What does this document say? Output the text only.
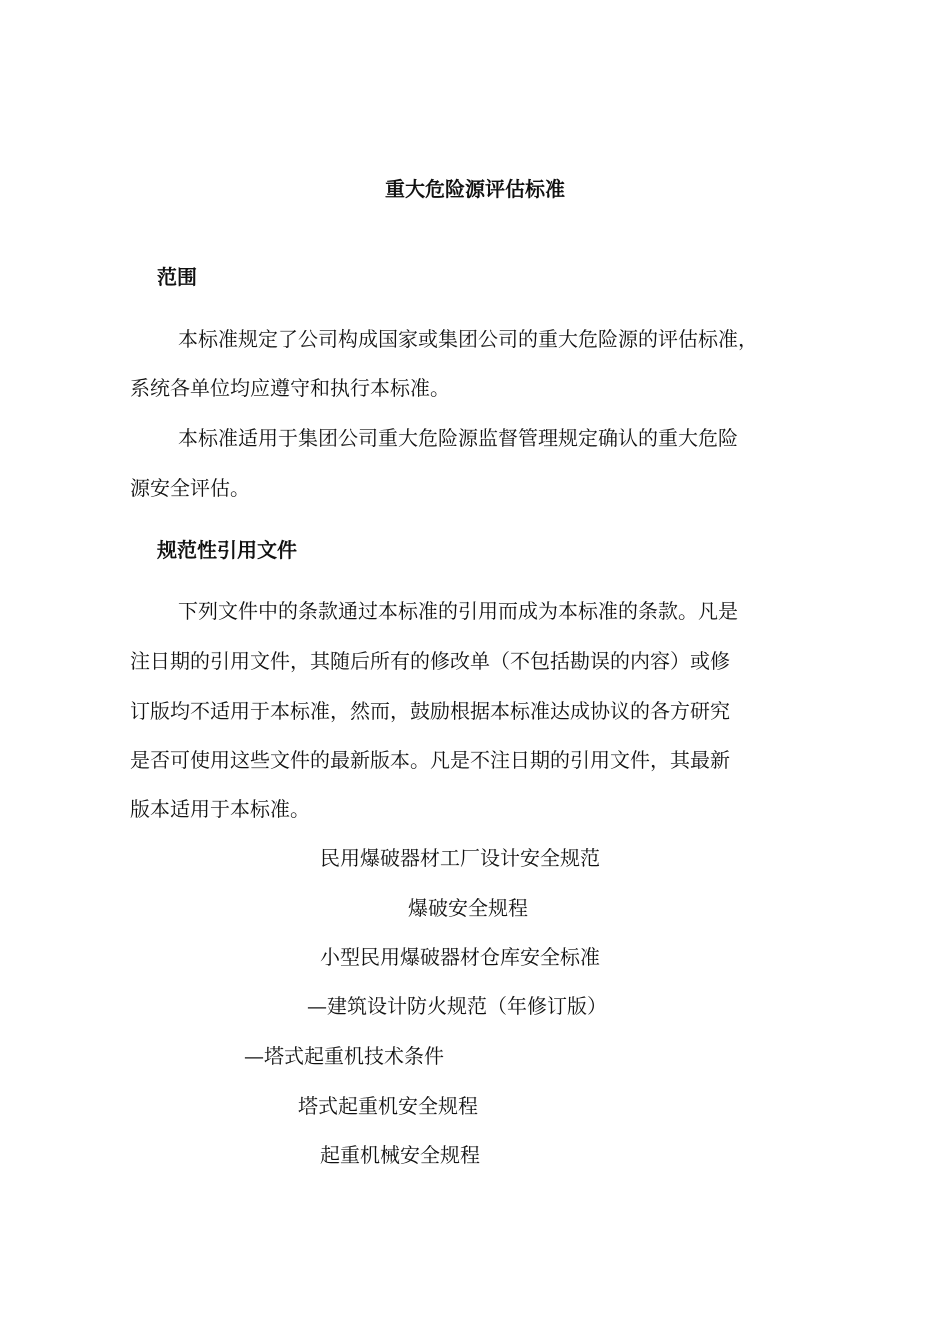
重大危险源评估标准
范围
本标准规定了公司构成国家或集团公司的重大危险源的评估标准，
系统各单位均应遵守和执行本标准。
本标准适用于集团公司重大危险源监督管理规定确认的重大危险
源安全评估。
规范性引用文件
下列文件中的条款通过本标准的引用而成为本标准的条款。凡是
注日期的引用文件，其随后所有的修改单（不包括勘误的内容）或修
订版均不适用于本标准，然而，鼓励根据本标准达成协议的各方研究
是否可使用这些文件的最新版本。凡是不注日期的引用文件，其最新
版本适用于本标准。
民用爆破器材工厂设计安全规范
爆破安全规程
小型民用爆破器材仓库安全标准
—建筑设计防火规范（年修订版）
—塔式起重机技术条件
塔式起重机安全规程
起重机械安全规程
